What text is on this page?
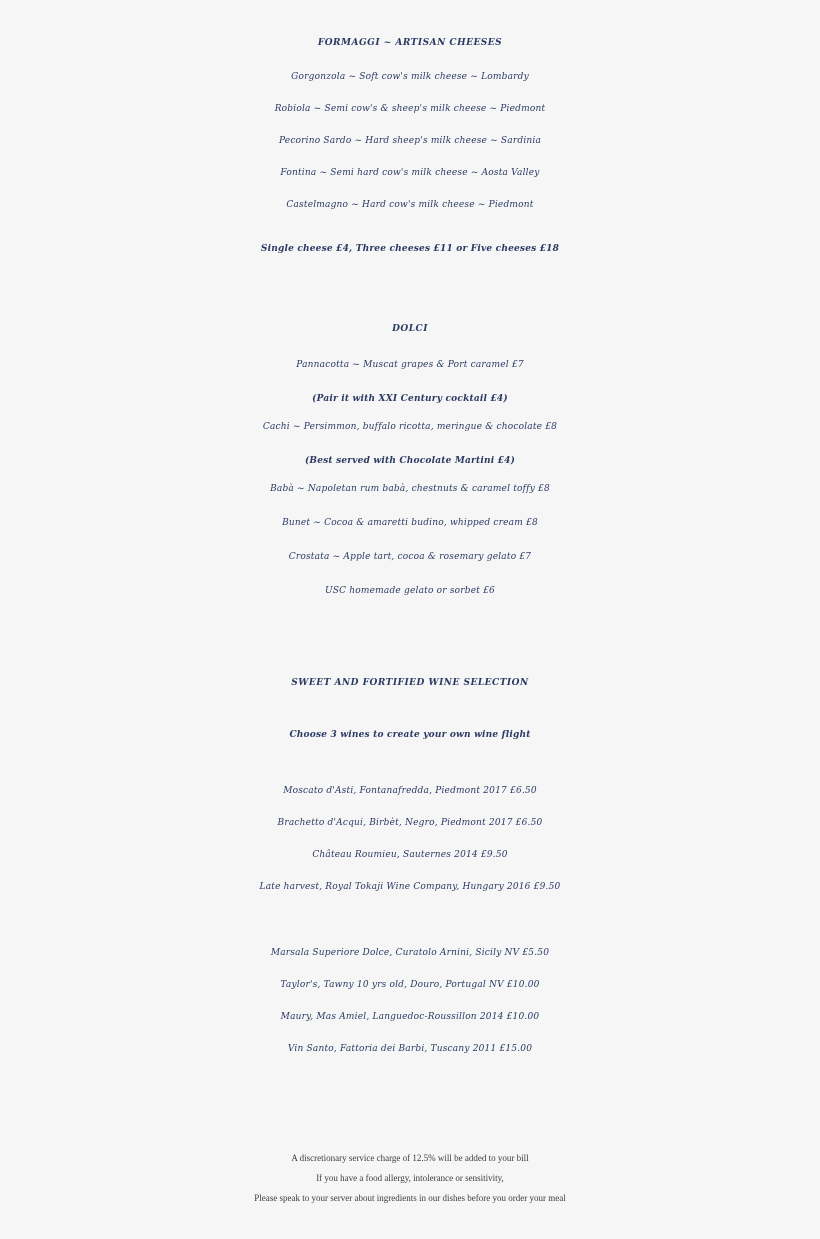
FORMAGGI ~ ARTISAN CHEESES
Gorgonzola ~ Soft cow's milk cheese ~ Lombardy
Robiola ~ Semi cow's & sheep's milk cheese ~ Piedmont
Pecorino Sardo ~ Hard sheep's milk cheese ~ Sardinia
Fontina ~ Semi hard cow's milk cheese ~ Aosta Valley
Castelmagno ~ Hard cow's milk cheese ~ Piedmont
Single cheese £4, Three cheeses £11 or Five cheeses £18
DOLCI
Pannacotta ~ Muscat grapes & Port caramel £7
(Pair it with XXI Century cocktail £4)
Cachi ~ Persimmon, buffalo ricotta, meringue & chocolate £8
(Best served with Chocolate Martini £4)
Babà ~ Napoletan rum babà, chestnuts & caramel toffy £8
Bunet ~ Cocoa & amaretti budino, whipped cream £8
Crostata ~ Apple tart, cocoa & rosemary gelato £7
USC homemade gelato or sorbet £6
SWEET AND FORTIFIED WINE SELECTION
Choose 3 wines to create your own wine flight
Moscato d'Asti, Fontanafredda, Piedmont 2017 £6.50
Brachetto d'Acqui, Birbèt, Negro, Piedmont 2017 £6.50
Château Roumieu, Sauternes 2014 £9.50
Late harvest, Royal Tokaji Wine Company, Hungary 2016 £9.50
Marsala Superiore Dolce, Curatolo Arnini, Sicily NV £5.50
Taylor's, Tawny 10 yrs old, Douro, Portugal NV £10.00
Maury, Mas Amiel, Languedoc-Roussillon 2014 £10.00
Vin Santo, Fattoria dei Barbi, Tuscany 2011 £15.00
A discretionary service charge of 12.5% will be added to your bill
If you have a food allergy, intolerance or sensitivity,
Please speak to your server about ingredients in our dishes before you order your meal
